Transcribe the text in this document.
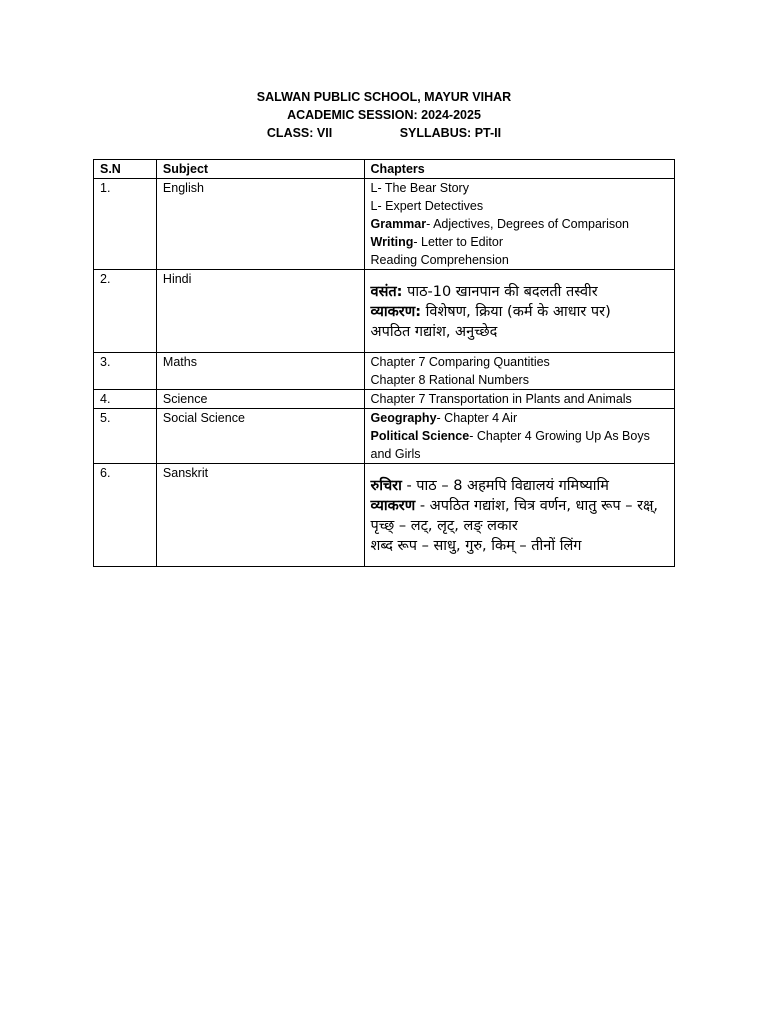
SALWAN PUBLIC SCHOOL, MAYUR VIHAR
ACADEMIC SESSION: 2024-2025
CLASS: VII	SYLLABUS: PT-II
S.N	Subject	Chapters
1.	English	L- The Bear Story
L- Expert Detectives
Grammar- Adjectives, Degrees of Comparison
Writing- Letter to Editor
Reading Comprehension

2.	Hindi	वसंत: पाठ-10 खानपान की बदलती तस्वीर
व्याकरण: विशेषण, क्रिया (कर्म के आधार पर)
अपठित गद्यांश, अनुच्छेद

3.	Maths	Chapter 7 Comparing Quantities
Chapter 8 Rational Numbers

4.	Science	Chapter 7 Transportation in Plants and Animals

5.	Social Science	Geography- Chapter 4 Air
Political Science- Chapter 4 Growing Up As Boys and Girls

6.	Sanskrit	रुचिरा - पाठ – 8 अहमपि विद्यालयं गमिष्यामि
व्याकरण - अपठित गद्यांश, चित्र वर्णन, धातु रूप – रक्ष्, पृच्छ् – लट्, लृट्, लङ् लकार
शब्द रूप – साधु, गुरु, किम् – तीनों लिंग
